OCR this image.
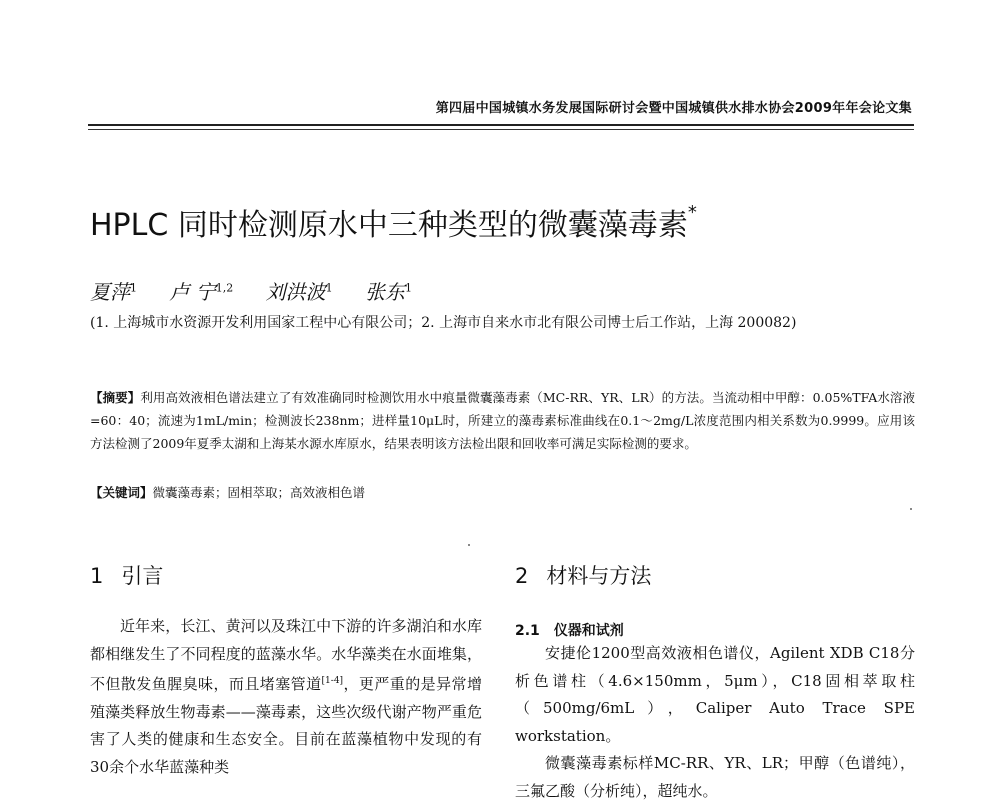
第四届中国城镇水务发展国际研讨会暨中国城镇供水排水协会2009年年会论文集
HPLC 同时检测原水中三种类型的微囊藻毒素*
夏萍$^1$ 卢 宁$^{1,2}$ 刘洪波$^1$ 张东$^1$
(1. 上海城市水资源开发利用国家工程中心有限公司；2. 上海市自来水市北有限公司博士后工作站，上海 200082)
【摘要】利用高效液相色谱法建立了有效准确同时检测饮用水中痕量微囊藻毒素（MC-RR、YR、LR）的方法。当流动相中甲醇：0.05%TFA水溶液=60：40；流速为1mL/min；检测波长238nm；进样量10μL时，所建立的藻毒素标准曲线在0.1～2mg/L浓度范围内相关系数为0.9999。应用该方法检测了2009年夏季太湖和上海某水源水库原水，结果表明该方法检出限和回收率可满足实际检测的要求。
【关键词】微囊藻毒素；固相萃取；高效液相色谱
1 引言

近年来，长江、黄河以及珠江中下游的许多湖泊和水库都相继发生了不同程度的蓝藻水华。水华藻类在水面堆集，不但散发鱼腥臭味，而且堵塞管道[1-4]，更严重的是异常增殖藻类释放生物毒素——藻毒素，这些次级代谢产物严重危害了人类的健康和生态安全。目前在蓝藻植物中发现的有30余个水华蓝藻种类

2 材料与方法
2.1 仪器和试剂

安捷伦1200型高效液相色谱仪，Agilent XDB C18分析色谱柱（4.6×150mm，5μm），C18固相萃取柱（500mg/6mL），Caliper Auto Trace SPE workstation。

微囊藻毒素标样MC-RR、YR、LR；甲醇（色谱纯），三氟乙酸（分析纯），超纯水。
